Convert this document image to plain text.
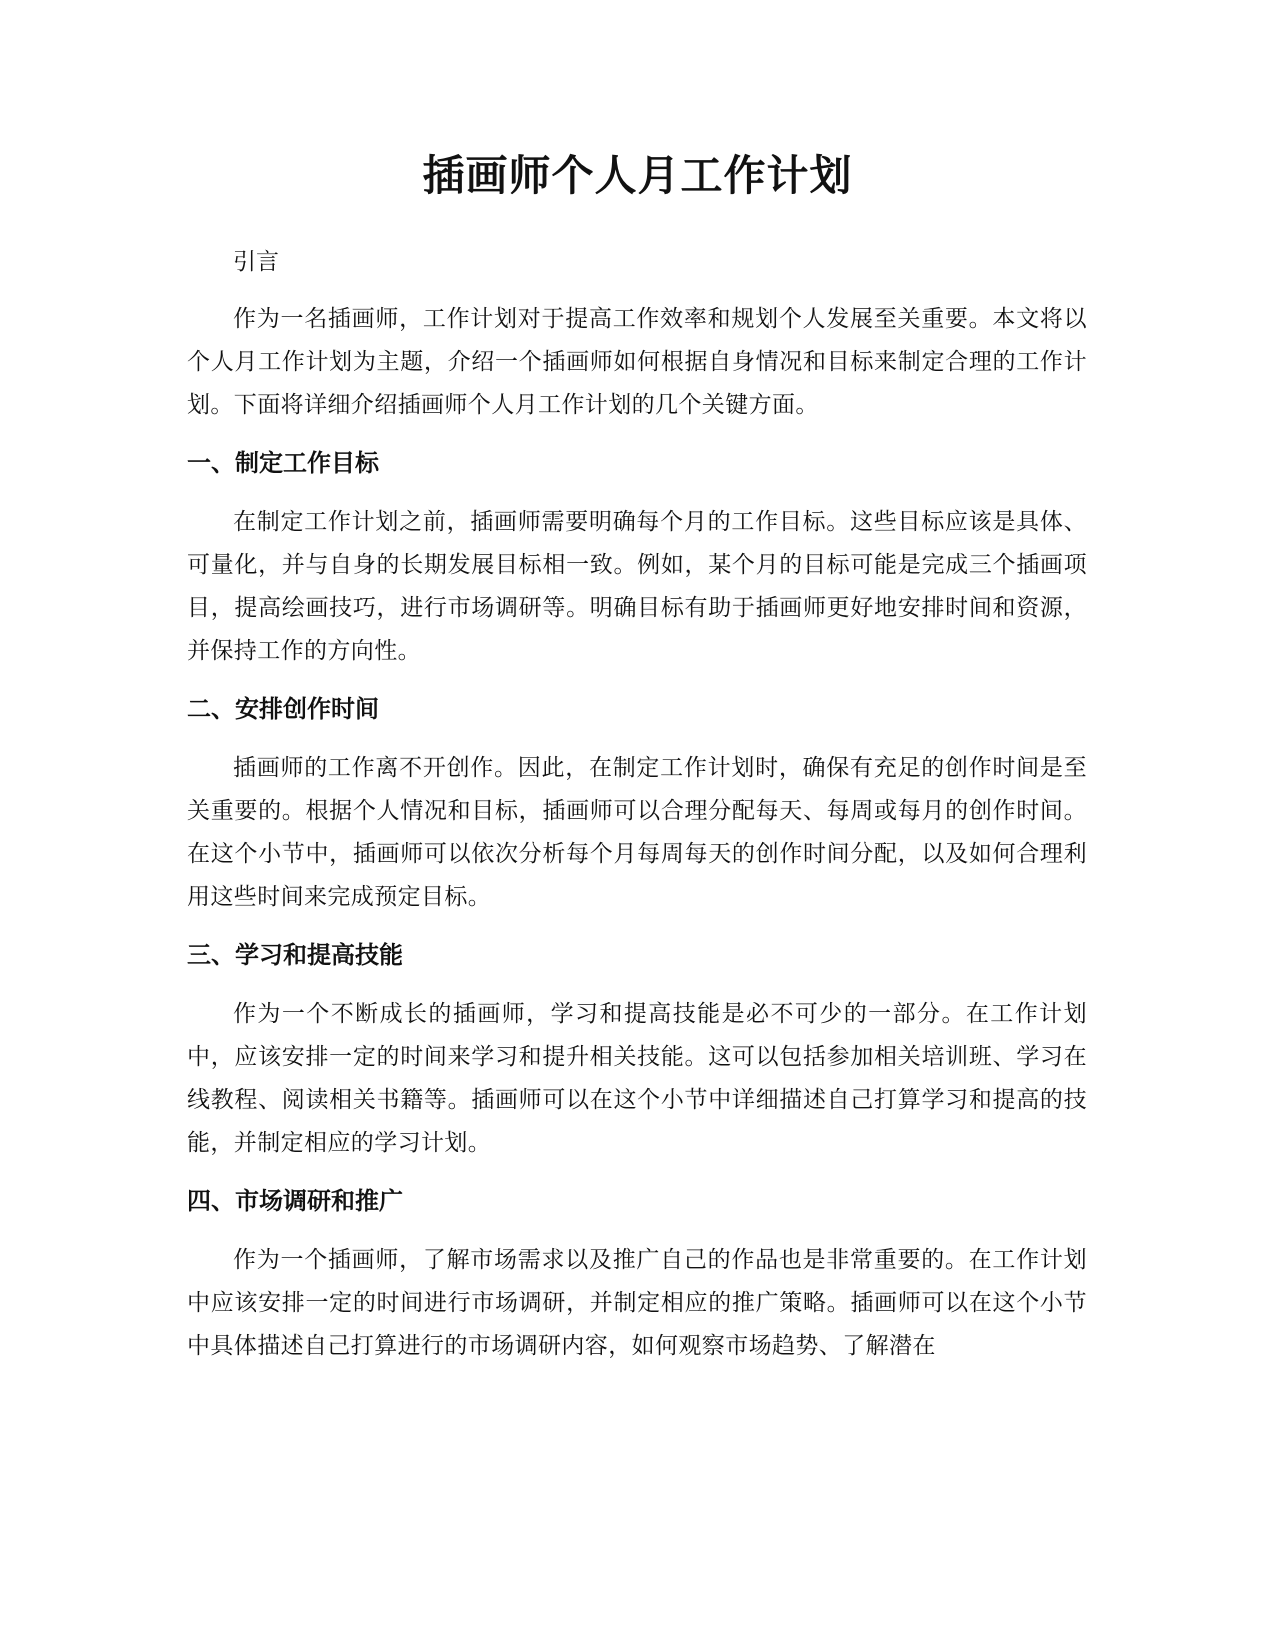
插画师个人月工作计划

引言

作为一名插画师，工作计划对于提高工作效率和规划个人发展至关重要。本文将以个人月工作计划为主题，介绍一个插画师如何根据自身情况和目标来制定合理的工作计划。下面将详细介绍插画师个人月工作计划的几个关键方面。

一、制定工作目标

在制定工作计划之前，插画师需要明确每个月的工作目标。这些目标应该是具体、可量化，并与自身的长期发展目标相一致。例如，某个月的目标可能是完成三个插画项目，提高绘画技巧，进行市场调研等。明确目标有助于插画师更好地安排时间和资源，并保持工作的方向性。

二、安排创作时间

插画师的工作离不开创作。因此，在制定工作计划时，确保有充足的创作时间是至关重要的。根据个人情况和目标，插画师可以合理分配每天、每周或每月的创作时间。在这个小节中，插画师可以依次分析每个月每周每天的创作时间分配，以及如何合理利用这些时间来完成预定目标。

三、学习和提高技能

作为一个不断成长的插画师，学习和提高技能是必不可少的一部分。在工作计划中，应该安排一定的时间来学习和提升相关技能。这可以包括参加相关培训班、学习在线教程、阅读相关书籍等。插画师可以在这个小节中详细描述自己打算学习和提高的技能，并制定相应的学习计划。

四、市场调研和推广

作为一个插画师，了解市场需求以及推广自己的作品也是非常重要的。在工作计划中应该安排一定的时间进行市场调研，并制定相应的推广策略。插画师可以在这个小节中具体描述自己打算进行的市场调研内容，如何观察市场趋势、了解潜在
